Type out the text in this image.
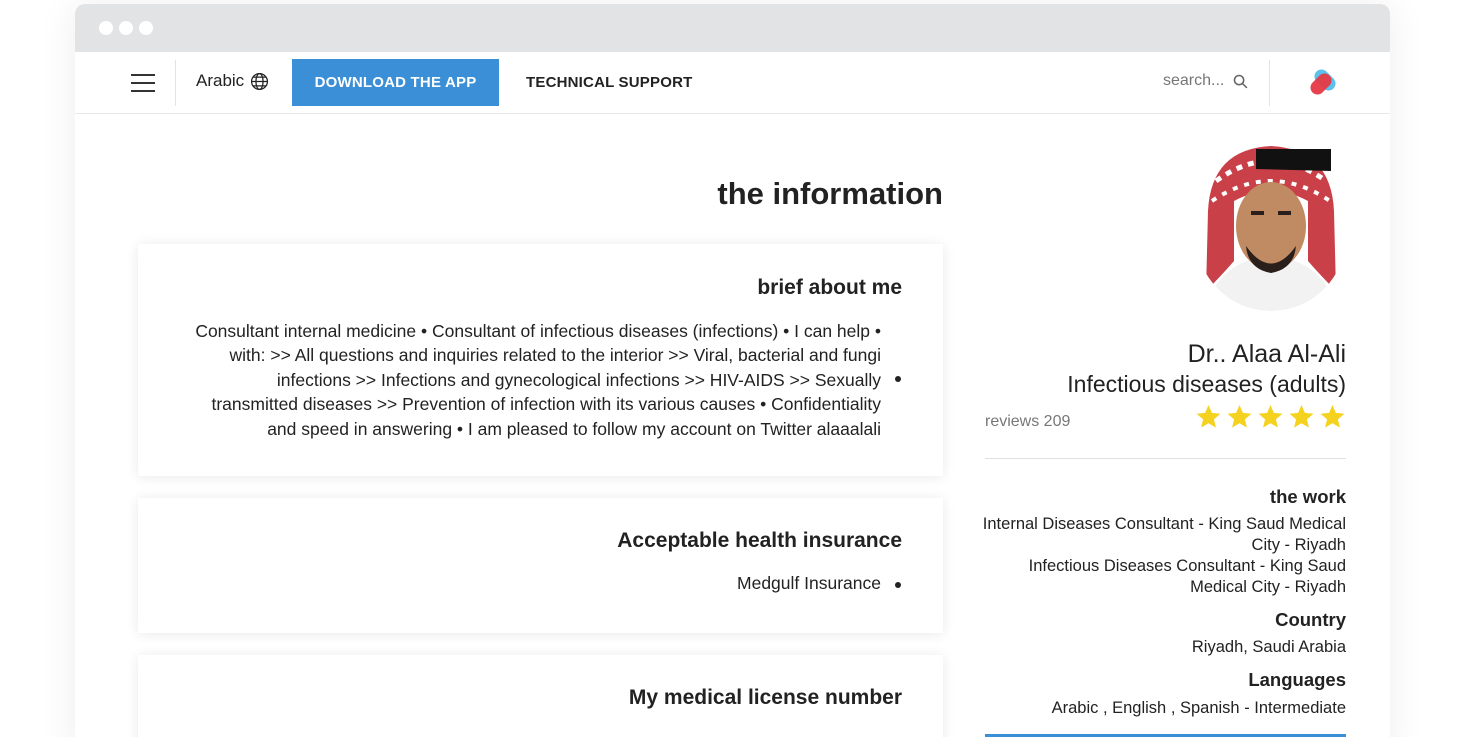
Arabic	DOWNLOAD THE APP	TECHNICAL SUPPORT	search...
the information
brief about me
Consultant internal medicine • Consultant of infectious diseases (infections) • I can help • with: >> All questions and inquiries related to the interior >> Viral, bacterial and fungi infections >> Infections and gynecological infections >> HIV-AIDS >> Sexually transmitted diseases >> Prevention of infection with its various causes • Confidentiality and speed in answering • I am pleased to follow my account on Twitter alaaalali
Acceptable health insurance
Medgulf Insurance
My medical license number
Dr.. Alaa Al-Ali
Infectious diseases (adults)
reviews 209
the work
Internal Diseases Consultant - King Saud Medical
City - Riyadh
Infectious Diseases Consultant - King Saud
Medical City - Riyadh
Country
Riyadh, Saudi Arabia
Languages
Arabic , English , Spanish - Intermediate
